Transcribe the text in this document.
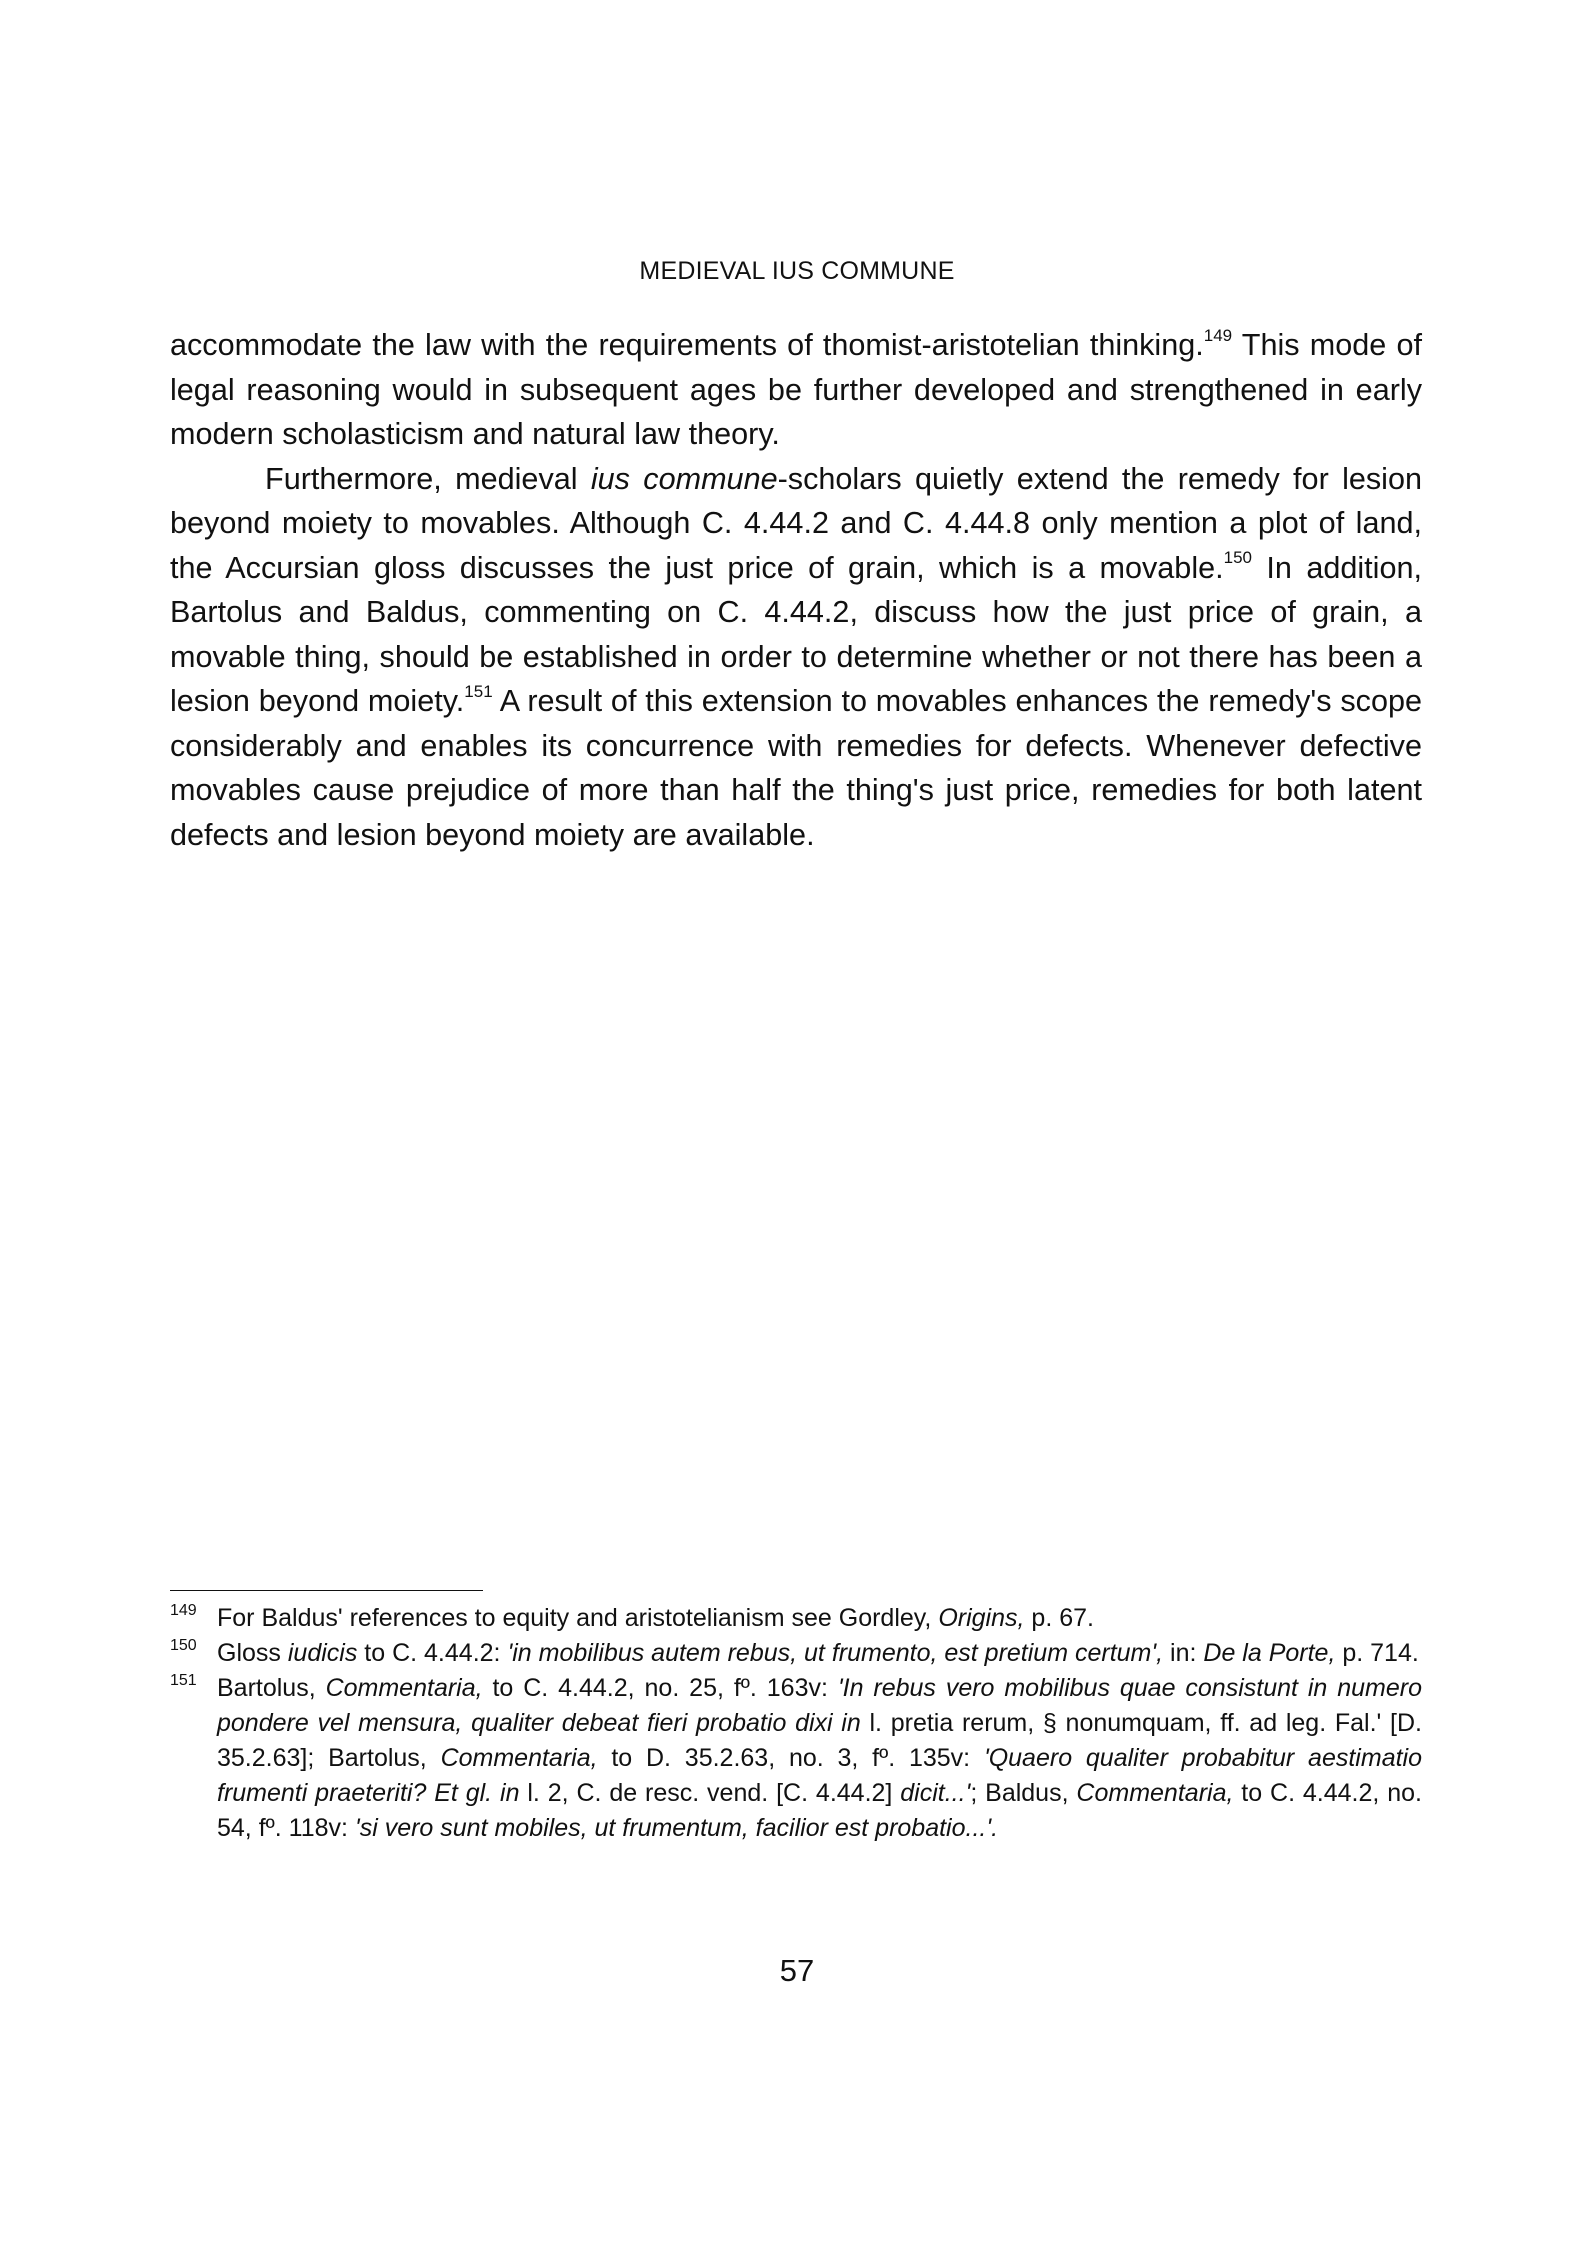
MEDIEVAL IUS COMMUNE

accommodate the law with the requirements of thomist-aristotelian thinking.$^{149}$ This mode of legal reasoning would in subsequent ages be further developed and strengthened in early modern scholasticism and natural law theory.

Furthermore, medieval ius commune-scholars quietly extend the remedy for lesion beyond moiety to movables. Although C. 4.44.2 and C. 4.44.8 only mention a plot of land, the Accursian gloss discusses the just price of grain, which is a movable.$^{150}$ In addition, Bartolus and Baldus, commenting on C. 4.44.2, discuss how the just price of grain, a movable thing, should be established in order to determine whether or not there has been a lesion beyond moiety.$^{151}$ A result of this extension to movables enhances the remedy's scope considerably and enables its concurrence with remedies for defects. Whenever defective movables cause prejudice of more than half the thing's just price, remedies for both latent defects and lesion beyond moiety are available.

149 For Baldus' references to equity and aristotelianism see Gordley, Origins, p. 67.
150 Gloss iudicis to C. 4.44.2: 'in mobilibus autem rebus, ut frumento, est pretium certum', in: De la Porte, p. 714.
151 Bartolus, Commentaria, to C. 4.44.2, no. 25, fº. 163v: 'In rebus vero mobilibus quae consistunt in numero pondere vel mensura, qualiter debeat fieri probatio dixi in l. pretia rerum, § nonumquam, ff. ad leg. Fal.' [D. 35.2.63]; Bartolus, Commentaria, to D. 35.2.63, no. 3, fº. 135v: 'Quaero qualiter probabitur aestimatio frumenti praeteriti? Et gl. in l. 2, C. de resc. vend. [C. 4.44.2] dicit...'; Baldus, Commentaria, to C. 4.44.2, no. 54, fº. 118v: 'si vero sunt mobiles, ut frumentum, facilior est probatio...'.
57
